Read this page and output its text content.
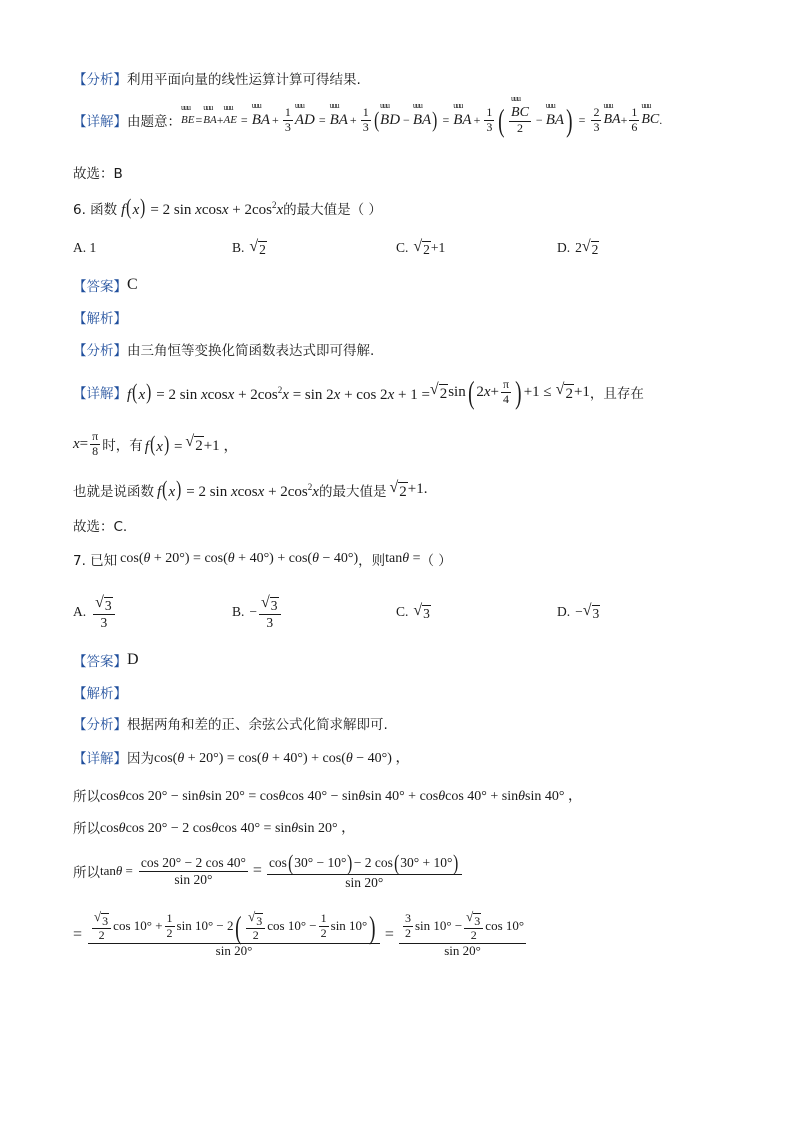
【分析】 利用平面向量的线性运算计算可得结果.
【详解】 由题意： uuu BE = uuu BA + uuu AE = uuu BA + $\frac{1}{3}$ uuu AD = uuu BA + $\frac{1}{3}$ ( uuu BD − uuu BA ) = uuu BA + $\frac{1}{3}$ ( uuu $\frac{BC}{2}$ − uuu BA ) = $\frac{2}{3}$ uuu BA + $\frac{1}{6}$ uuu BC .
故选：B
6. 函数 f(x) = 2 $\sin xcosx + 2\cos^2x$ 的最大值是（ ）
A. 1	B. √ 2	C. √ 2 +1	D. 2 √ 2
【答案】 C
【解析】
【分析】 由三角恒等变换化简函数表达式即可得解.
【详解】 f(x) = 2 $\sin xcosx + 2\cos^2x = \sin 2x + \cos 2x + 1$ = √ 2 sin ( 2 $x + \frac{\pi}{4}$ ) +1 ≤ √ 2 +1 ，且存在
$x = \frac{\pi}{8}$ 时，有 f(x) = √ 2 +1 ，
也就是说函数 f(x) = 2 $\sin xcosx + 2\cos^2x$ 的最大值是 √ 2 +1.
故选：C.
7. 已知 cos(θ + 20°) = cos(θ + 40°) + cos(θ − 40°) ，则 tanθ = （ ）
A. $\frac{√ 3}{3}$	B. − $\frac{√ 3}{3}$	C. √ 3	D. − √ 3
【答案】 D
【解析】
【分析】 根据两角和差的正、余弦公式化简求解即可.
【详解】 因为 cos(θ + 20°) = cos(θ + 40°) + cos(θ − 40°) ，
所以 cosθcos 20° − sinθsin 20° = cosθcos 40° − sinθsin 40° + cosθcos 40° + sinθsin 40° ，
所以 cosθcos 20° − 2 cosθcos 40° = sinθsin 20° ，
所以 $\tan\theta = \frac{\cos 20^\circ - 2 \cos 40^\circ}{\sin 20^\circ} = \frac{\cos ( 30^\circ - 10^\circ ) - 2 \cos ( 30^\circ + 10^\circ )}{\sin 20^\circ}$
= $\frac{√ 3}{2}$ $\cos 10^\circ + \frac{1}{2}$ sin 10° − 2 ( $\frac{√ 3}{2}$ $\cos 10^\circ - \frac{1}{2}$ sin 10° )
sin 20°
= $\frac{\frac{3}{2} \sin 10^\circ - \frac{√ 3}{2} \cos 10^\circ}{\sin 20^\circ}$
